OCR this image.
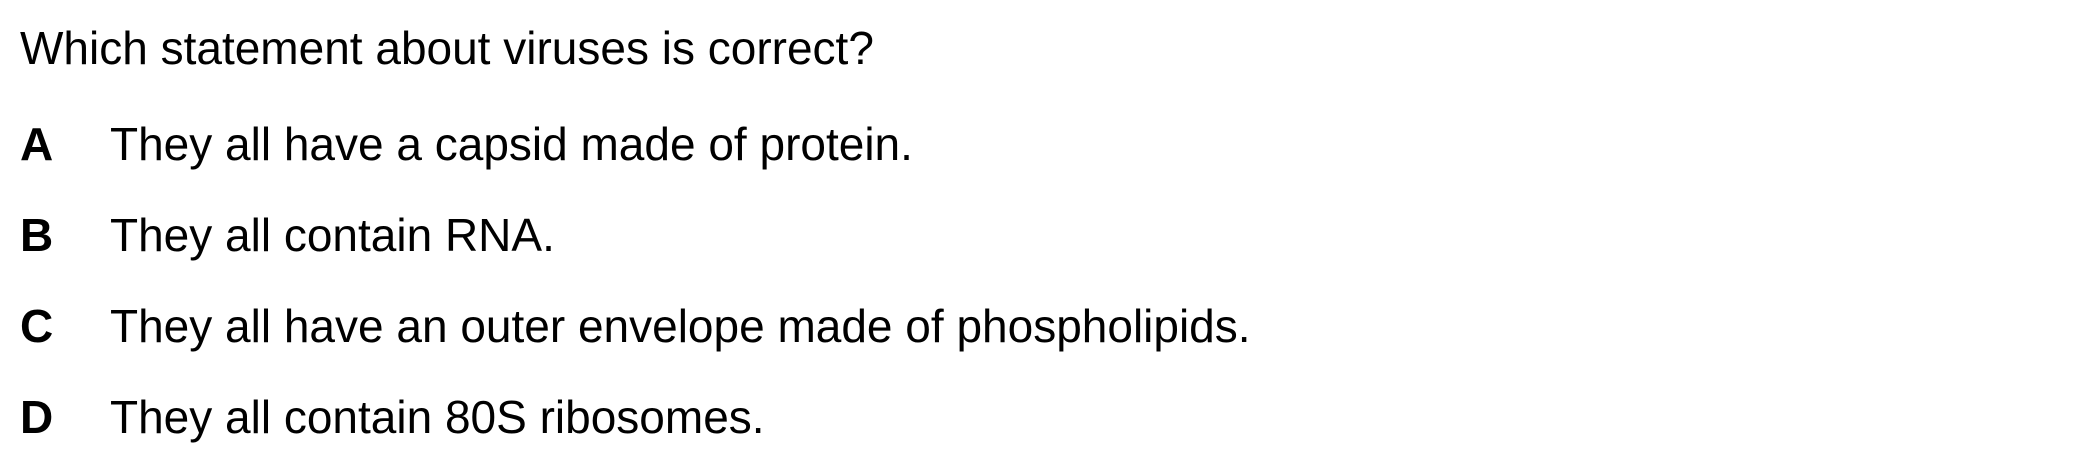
Which statement about viruses is correct?
A They all have a capsid made of protein.
B They all contain RNA.
C They all have an outer envelope made of phospholipids.
D They all contain 80S ribosomes.
